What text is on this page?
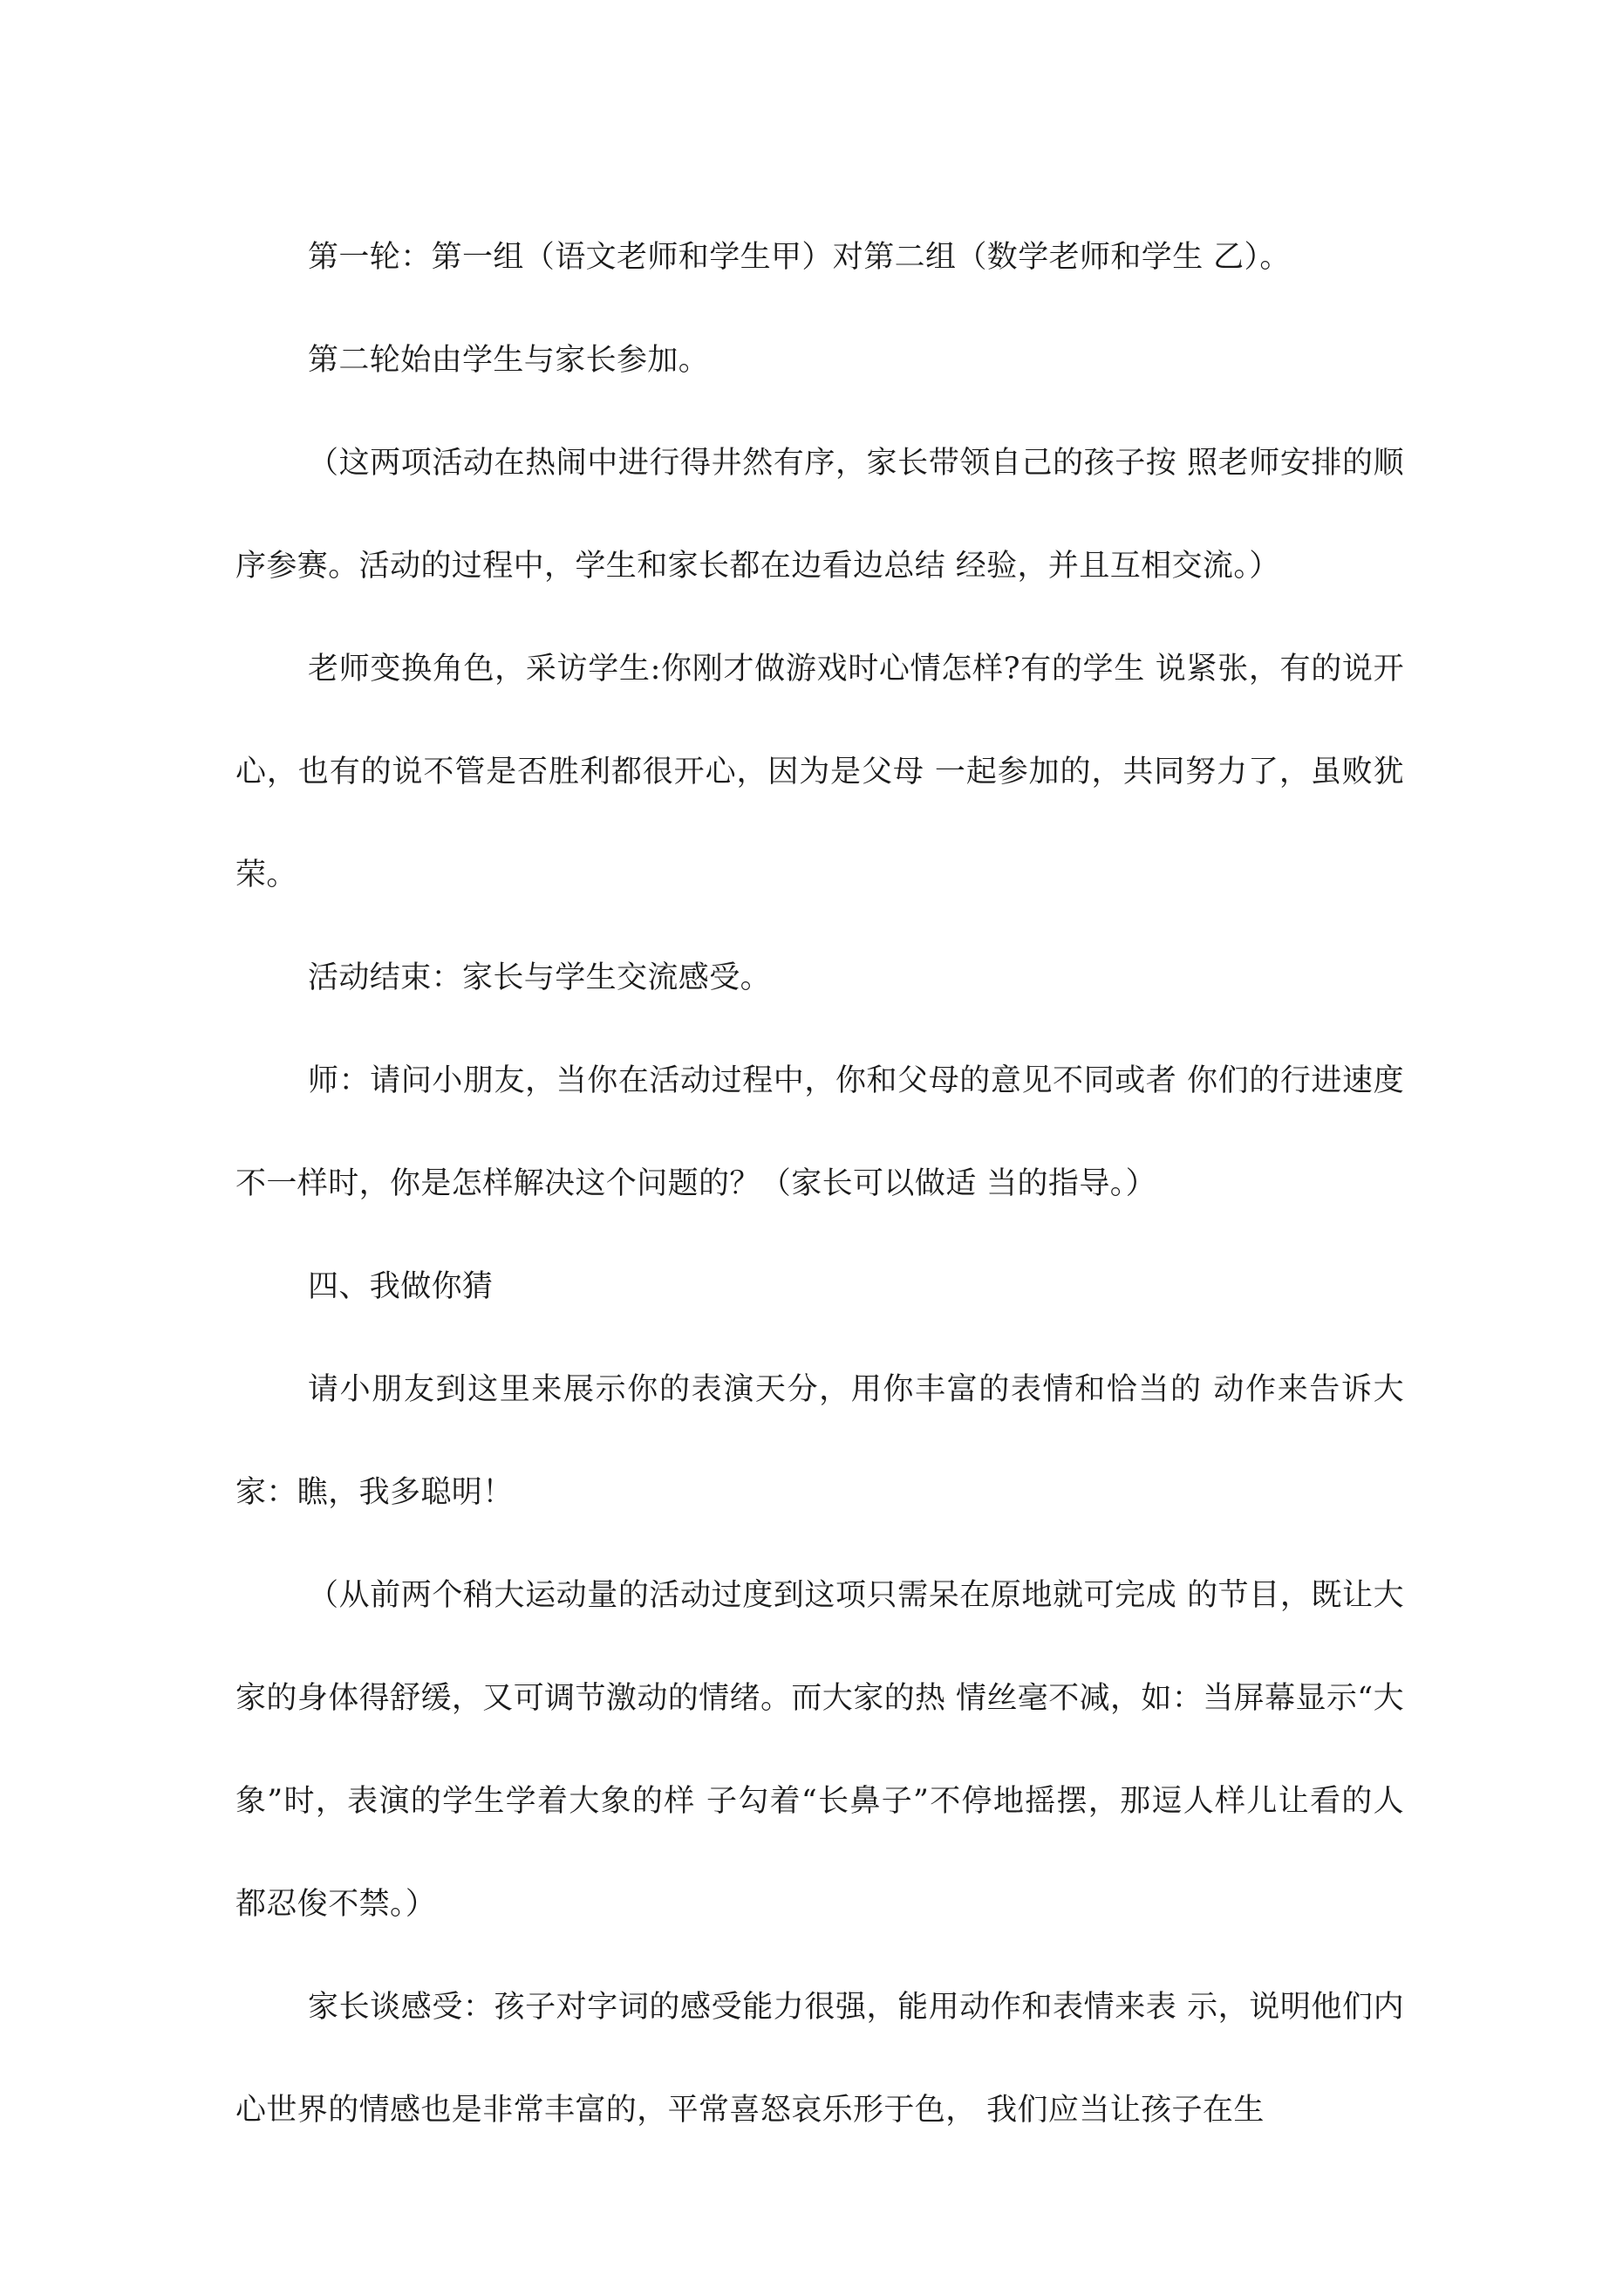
第一轮：第一组（语文老师和学生甲）对第二组（数学老师和学生 乙）。

第二轮始由学生与家长参加。

（这两项活动在热闹中进行得井然有序，家长带领自己的孩子按 照老师安排的顺序参赛。活动的过程中，学生和家长都在边看边总结 经验，并且互相交流。）

老师变换角色，采访学生:你刚才做游戏时心情怎样?有的学生 说紧张，有的说开心，也有的说不管是否胜利都很开心，因为是父母 一起参加的，共同努力了，虽败犹荣。

活动结束：家长与学生交流感受。

师：请问小朋友，当你在活动过程中，你和父母的意见不同或者 你们的行进速度不一样时，你是怎样解决这个问题的？（家长可以做适 当的指导。）

四、我做你猜

请小朋友到这里来展示你的表演天分，用你丰富的表情和恰当的 动作来告诉大家：瞧，我多聪明！

（从前两个稍大运动量的活动过度到这项只需呆在原地就可完成 的节目，既让大家的身体得舒缓，又可调节激动的情绪。而大家的热 情丝毫不减，如：当屏幕显示“大象”时，表演的学生学着大象的样 子勾着“长鼻子”不停地摇摆，那逗人样儿让看的人都忍俊不禁。）

家长谈感受：孩子对字词的感受能力很强，能用动作和表情来表 示，说明他们内心世界的情感也是非常丰富的，平常喜怒哀乐形于色， 我们应当让孩子在生
